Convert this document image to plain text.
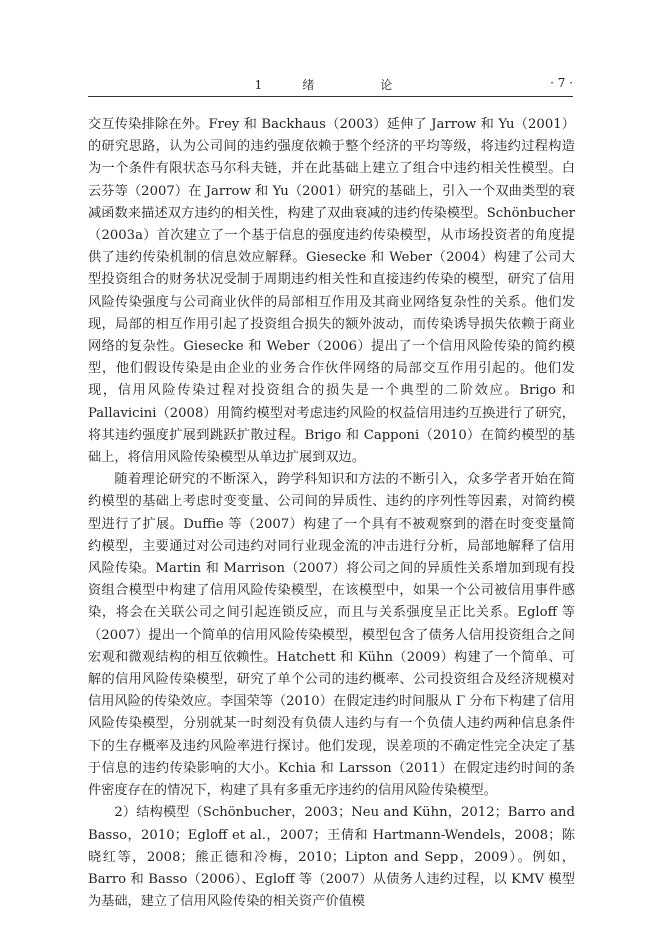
1　绪　　论	· 7 ·

交互传染排除在外。Frey 和 Backhaus（2003）延伸了 Jarrow 和 Yu（2001）的研究思路，认为公司间的违约强度依赖于整个经济的平均等级，将违约过程构造为一个条件有限状态马尔科夫链，并在此基础上建立了组合中违约相关性模型。白云芬等（2007）在 Jarrow 和 Yu（2001）研究的基础上，引入一个双曲类型的衰减函数来描述双方违约的相关性，构建了双曲衰减的违约传染模型。Schönbucher（2003a）首次建立了一个基于信息的强度违约传染模型，从市场投资者的角度提供了违约传染机制的信息效应解释。Giesecke 和 Weber（2004）构建了公司大型投资组合的财务状况受制于周期违约相关性和直接违约传染的模型，研究了信用风险传染强度与公司商业伙伴的局部相互作用及其商业网络复杂性的关系。他们发现，局部的相互作用引起了投资组合损失的额外波动，而传染诱导损失依赖于商业网络的复杂性。Giesecke 和 Weber（2006）提出了一个信用风险传染的简约模型，他们假设传染是由企业的业务合作伙伴网络的局部交互作用引起的。他们发现，信用风险传染过程对投资组合的损失是一个典型的二阶效应。Brigo 和 Pallavicini（2008）用简约模型对考虑违约风险的权益信用违约互换进行了研究，将其违约强度扩展到跳跃扩散过程。Brigo 和 Capponi（2010）在简约模型的基础上，将信用风险传染模型从单边扩展到双边。

随着理论研究的不断深入，跨学科知识和方法的不断引入，众多学者开始在简约模型的基础上考虑时变变量、公司间的异质性、违约的序列性等因素，对简约模型进行了扩展。Duffie 等（2007）构建了一个具有不被观察到的潜在时变变量简约模型，主要通过对公司违约对同行业现金流的冲击进行分析，局部地解释了信用风险传染。Martin 和 Marrison（2007）将公司之间的异质性关系增加到现有投资组合模型中构建了信用风险传染模型，在该模型中，如果一个公司被信用事件感染，将会在关联公司之间引起连锁反应，而且与关系强度呈正比关系。Egloff 等（2007）提出一个简单的信用风险传染模型，模型包含了债务人信用投资组合之间宏观和微观结构的相互依赖性。Hatchett 和 Kühn（2009）构建了一个简单、可解的信用风险传染模型，研究了单个公司的违约概率、公司投资组合及经济规模对信用风险的传染效应。李国荣等（2010）在假定违约时间服从 Γ 分布下构建了信用风险传染模型，分别就某一时刻没有负债人违约与有一个负债人违约两种信息条件下的生存概率及违约风险率进行探讨。他们发现，误差项的不确定性完全决定了基于信息的违约传染影响的大小。Kchia 和 Larsson（2011）在假定违约时间的条件密度存在的情况下，构建了具有多重无序违约的信用风险传染模型。

2）结构模型（Schönbucher，2003；Neu and Kühn，2012；Barro and Basso，2010；Egloff et al.，2007；王倩和 Hartmann-Wendels，2008；陈晓红等，2008；熊正德和冷梅，2010；Lipton and Sepp，2009）。例如，Barro 和 Basso（2006）、Egloff 等（2007）从债务人违约过程，以 KMV 模型为基础，建立了信用风险传染的相关资产价值模
